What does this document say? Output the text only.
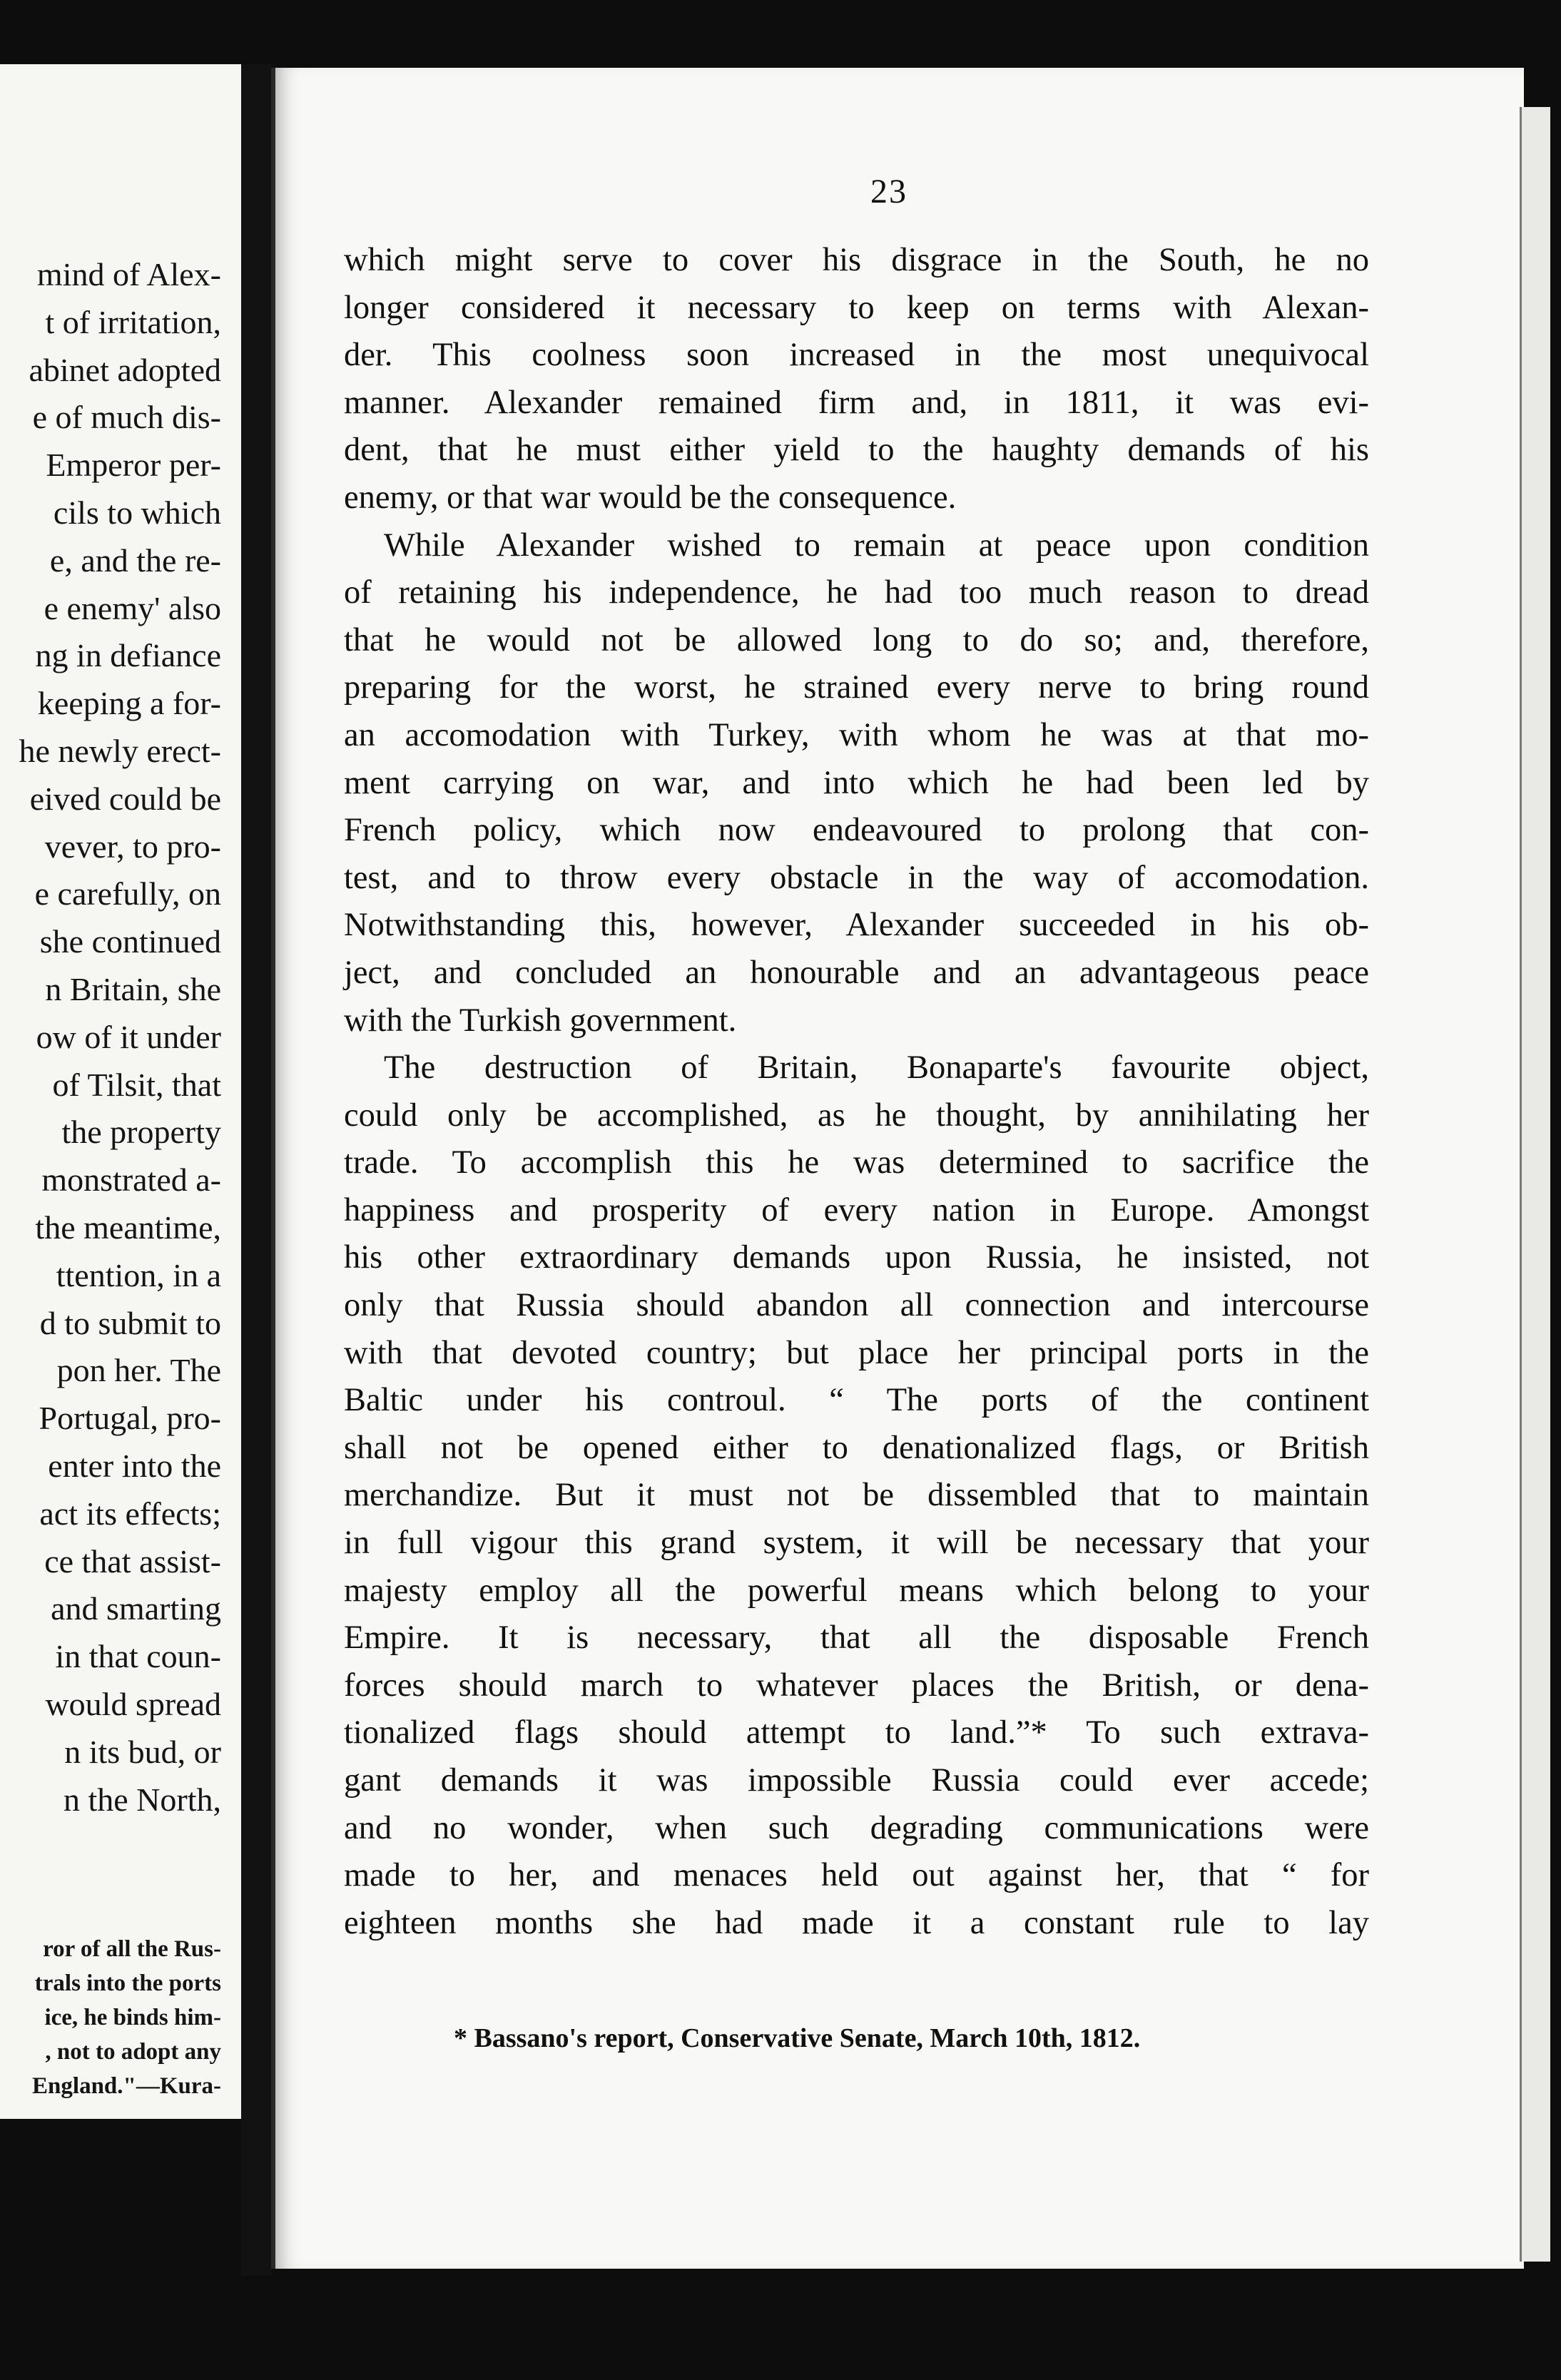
mind of Alex-
t of irritation,
abinet adopted
e of much dis-
Emperor per-
cils to which
e, and the re-
e enemy' also
ng in defiance
keeping a for-
he newly erect-
eived could be
vever, to pro-
e carefully, on
she continued
n Britain, she
ow of it under
of Tilsit, that
the property
monstrated a-
the meantime,
ttention, in a
d to submit to
pon her. The
Portugal, pro-
enter into the
act its effects;
ce that assist-
and smarting
in that coun-
would spread
n its bud, or
n the North,
ror of all the Rus-
trals into the ports
ice, he binds him-
, not to adopt any
England."—Kura-
23
which might serve to cover his disgrace in the South, he no
longer considered it necessary to keep on terms with Alexan-
der. This coolness soon increased in the most unequivocal
manner. Alexander remained firm and, in 1811, it was evi-
dent, that he must either yield to the haughty demands of his
enemy, or that war would be the consequence.
While Alexander wished to remain at peace upon condition
of retaining his independence, he had too much reason to dread
that he would not be allowed long to do so; and, therefore,
preparing for the worst, he strained every nerve to bring round
an accomodation with Turkey, with whom he was at that mo-
ment carrying on war, and into which he had been led by
French policy, which now endeavoured to prolong that con-
test, and to throw every obstacle in the way of accomodation.
Notwithstanding this, however, Alexander succeeded in his ob-
ject, and concluded an honourable and an advantageous peace
with the Turkish government.
The destruction of Britain, Bonaparte's favourite object,
could only be accomplished, as he thought, by annihilating her
trade. To accomplish this he was determined to sacrifice the
happiness and prosperity of every nation in Europe. Amongst
his other extraordinary demands upon Russia, he insisted, not
only that Russia should abandon all connection and intercourse
with that devoted country; but place her principal ports in the
Baltic under his controul. “ The ports of the continent
shall not be opened either to denationalized flags, or British
merchandize. But it must not be dissembled that to maintain
in full vigour this grand system, it will be necessary that your
majesty employ all the powerful means which belong to your
Empire. It is necessary, that all the disposable French
forces should march to whatever places the British, or dena-
tionalized flags should attempt to land.”* To such extrava-
gant demands it was impossible Russia could ever accede;
and no wonder, when such degrading communications were
made to her, and menaces held out against her, that “ for
eighteen months she had made it a constant rule to lay
* Bassano's report, Conservative Senate, March 10th, 1812.
